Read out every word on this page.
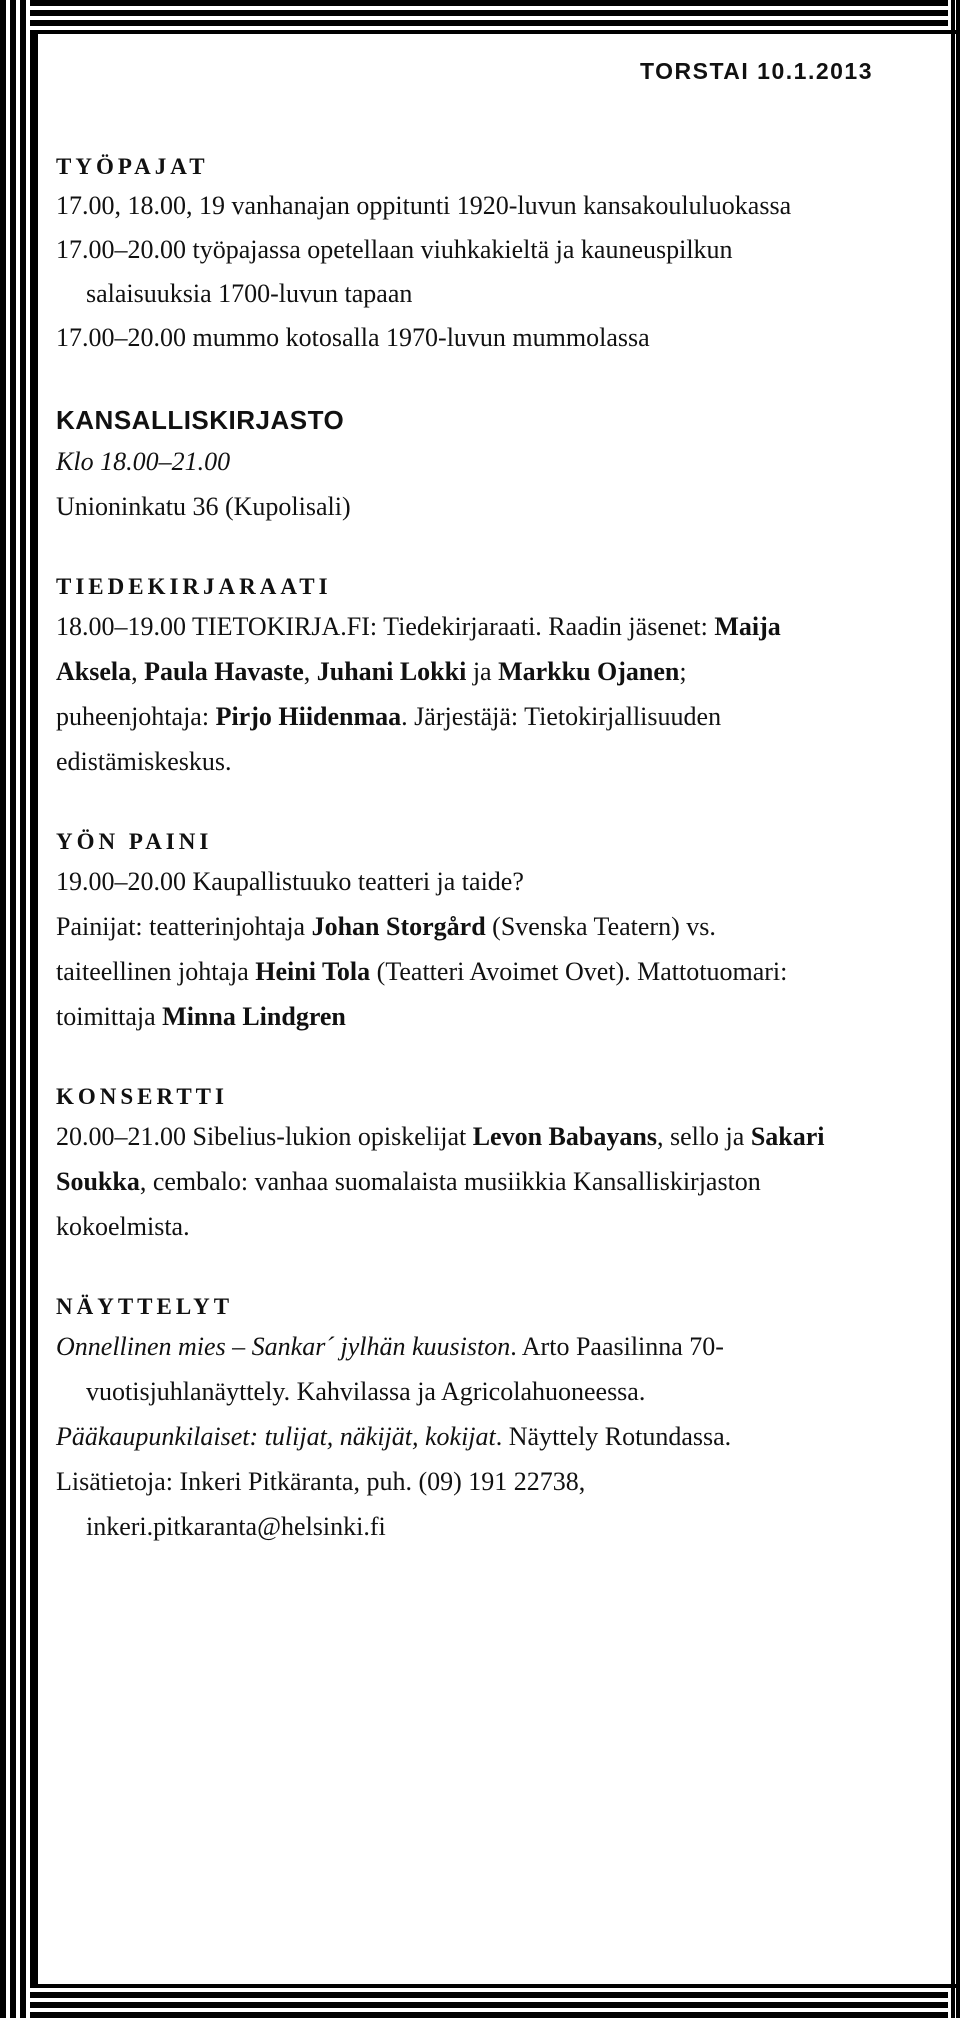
TORSTAI 10.1.2013
TYÖPAJAT

17.00, 18.00, 19 vanhanajan oppitunti 1920-luvun kansakoululuokassa

17.00–20.00 työpajassa opetellaan viuhkakieltä ja kauneuspilkun salaisuuksia 1700-luvun tapaan

17.00–20.00 mummo kotosalla 1970-luvun mummolassa

KANSALLISKIRJASTO

Klo 18.00–21.00

Unioninkatu 36 (Kupolisali)

TIEDEKIRJARAATI

18.00–19.00 TIETOKIRJA.FI: Tiedekirjaraati. Raadin jäsenet: Maija Aksela, Paula Havaste, Juhani Lokki ja Markku Ojanen; puheenjohtaja: Pirjo Hiidenmaa. Järjestäjä: Tietokirjallisuuden edistämiskeskus.

YÖN PAINI

19.00–20.00 Kaupallistuuko teatteri ja taide?

Painijat: teatterinjohtaja Johan Storgård (Svenska Teatern) vs. taiteellinen johtaja Heini Tola (Teatteri Avoimet Ovet). Mattotuomari: toimittaja Minna Lindgren

KONSERTTI

20.00–21.00 Sibelius-lukion opiskelijat Levon Babayans, sello ja Sakari Soukka, cembalo: vanhaa suomalaista musiikkia Kansalliskirjaston kokoelmista.

NÄYTTELYT

Onnellinen mies – Sankar´ jylhän kuusiston. Arto Paasilinna 70-vuotisjuhlanäyttely. Kahvilassa ja Agricolahuoneessa.

Pääkaupunkilaiset: tulijat, näkijät, kokijat. Näyttely Rotundassa.

Lisätietoja: Inkeri Pitkäranta, puh. (09) 191 22738, inkeri.pitkaranta@helsinki.fi
